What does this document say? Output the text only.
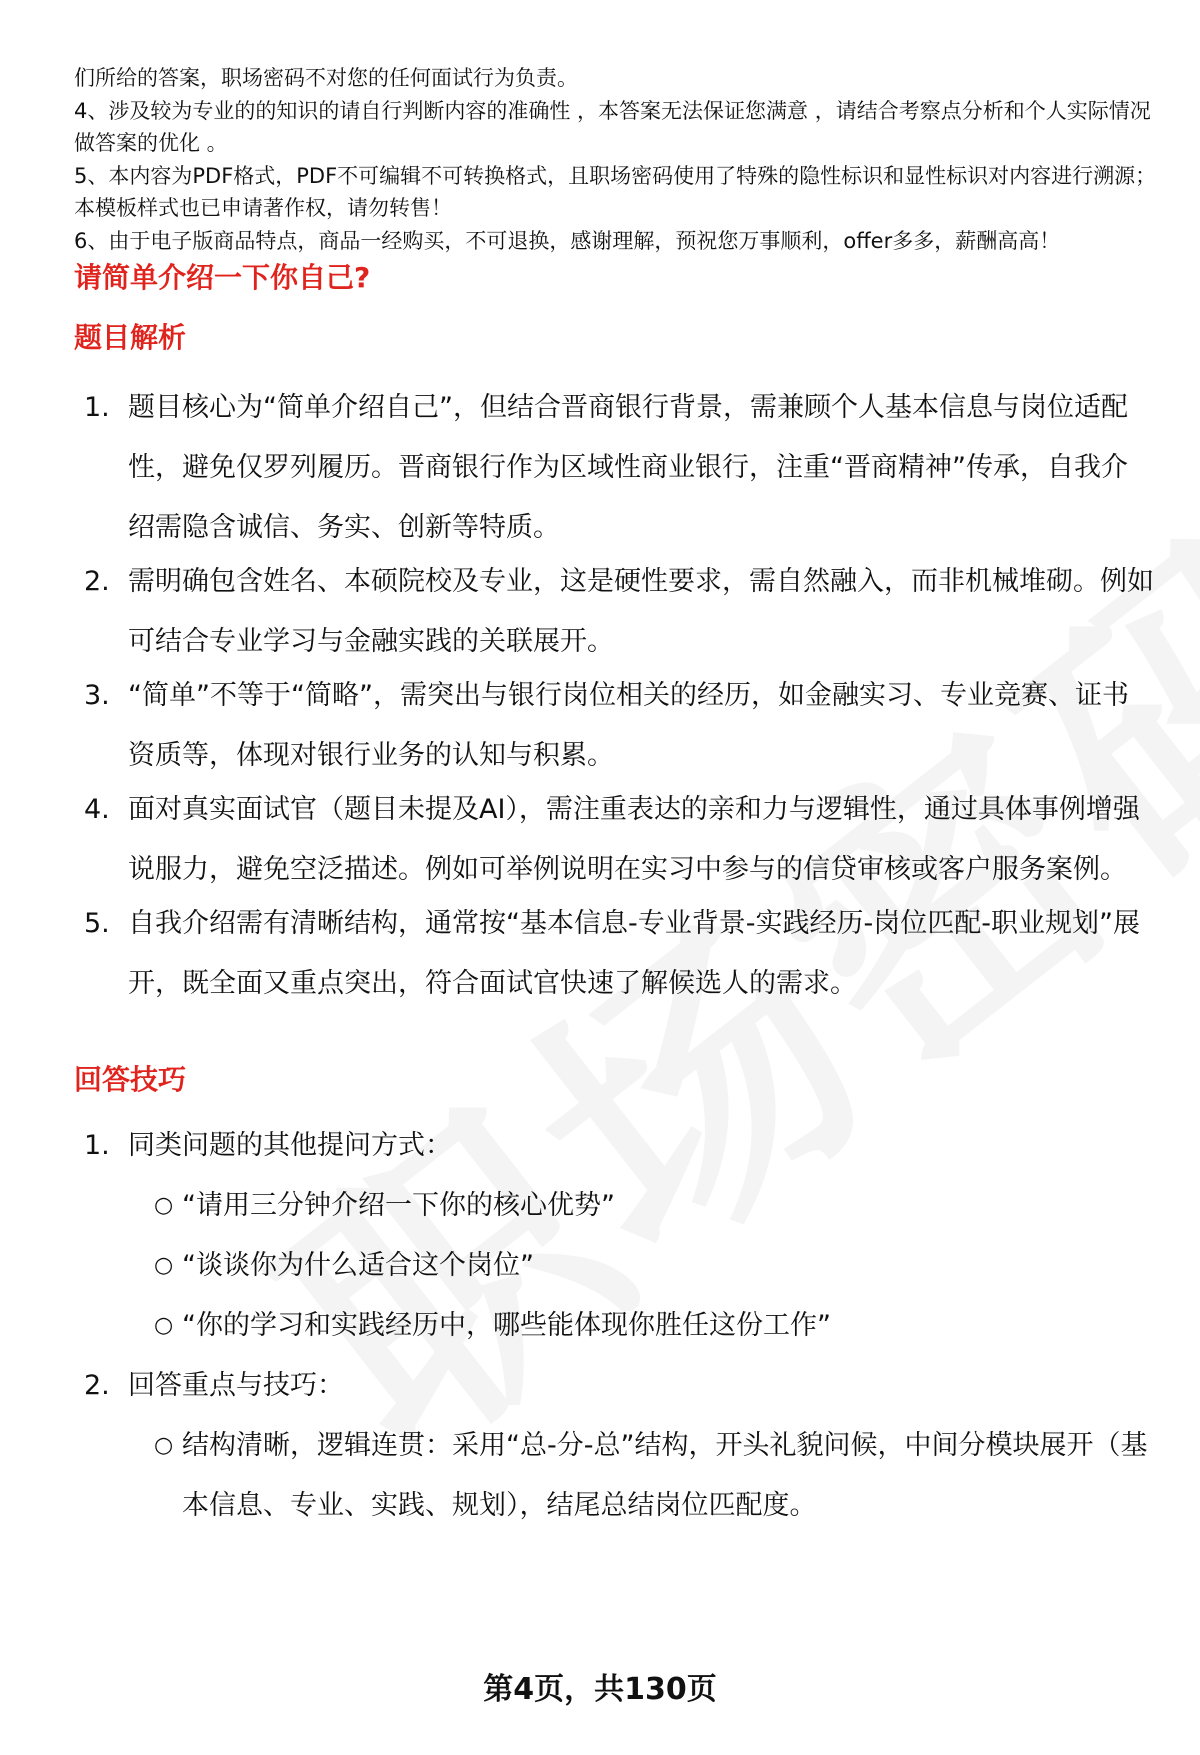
们所给的答案，职场密码不对您的任何面试行为负责。

4、涉及较为专业的的知识的请自行判断内容的准确性 ，本答案无法保证您满意 ，请结合考察点分析和个人实际情况做答案的优化 。

5、本内容为PDF格式，PDF不可编辑不可转换格式，且职场密码使用了特殊的隐性标识和显性标识对内容进行溯源；本模板样式也已申请著作权，请勿转售！

6、由于电子版商品特点，商品一经购买，不可退换，感谢理解，预祝您万事顺利，offer多多，薪酬高高！

请简单介绍一下你自己?
题目解析
1. 题目核心为“简单介绍自己”，但结合晋商银行背景，需兼顾个人基本信息与岗位适配性，避免仅罗列履历。晋商银行作为区域性商业银行，注重“晋商精神”传承，自我介绍需隐含诚信、务实、创新等特质。
2. 需明确包含姓名、本硕院校及专业，这是硬性要求，需自然融入，而非机械堆砌。例如可结合专业学习与金融实践的关联展开。
3. “简单”不等于“简略”，需突出与银行岗位相关的经历，如金融实习、专业竞赛、证书资质等，体现对银行业务的认知与积累。
4. 面对真实面试官（题目未提及AI），需注重表达的亲和力与逻辑性，通过具体事例增强说服力，避免空泛描述。例如可举例说明在实习中参与的信贷审核或客户服务案例。
5. 自我介绍需有清晰结构，通常按“基本信息-专业背景-实践经历-岗位匹配-职业规划”展开，既全面又重点突出，符合面试官快速了解候选人的需求。
回答技巧
1. 同类问题的其他提问方式：
○ “请用三分钟介绍一下你的核心优势”
○ “谈谈你为什么适合这个岗位”
○ “你的学习和实践经历中，哪些能体现你胜任这份工作”
2. 回答重点与技巧：
○ 结构清晰，逻辑连贯：采用“总-分-总”结构，开头礼貌问候，中间分模块展开（基本信息、专业、实践、规划），结尾总结岗位匹配度。
第4页，共130页
